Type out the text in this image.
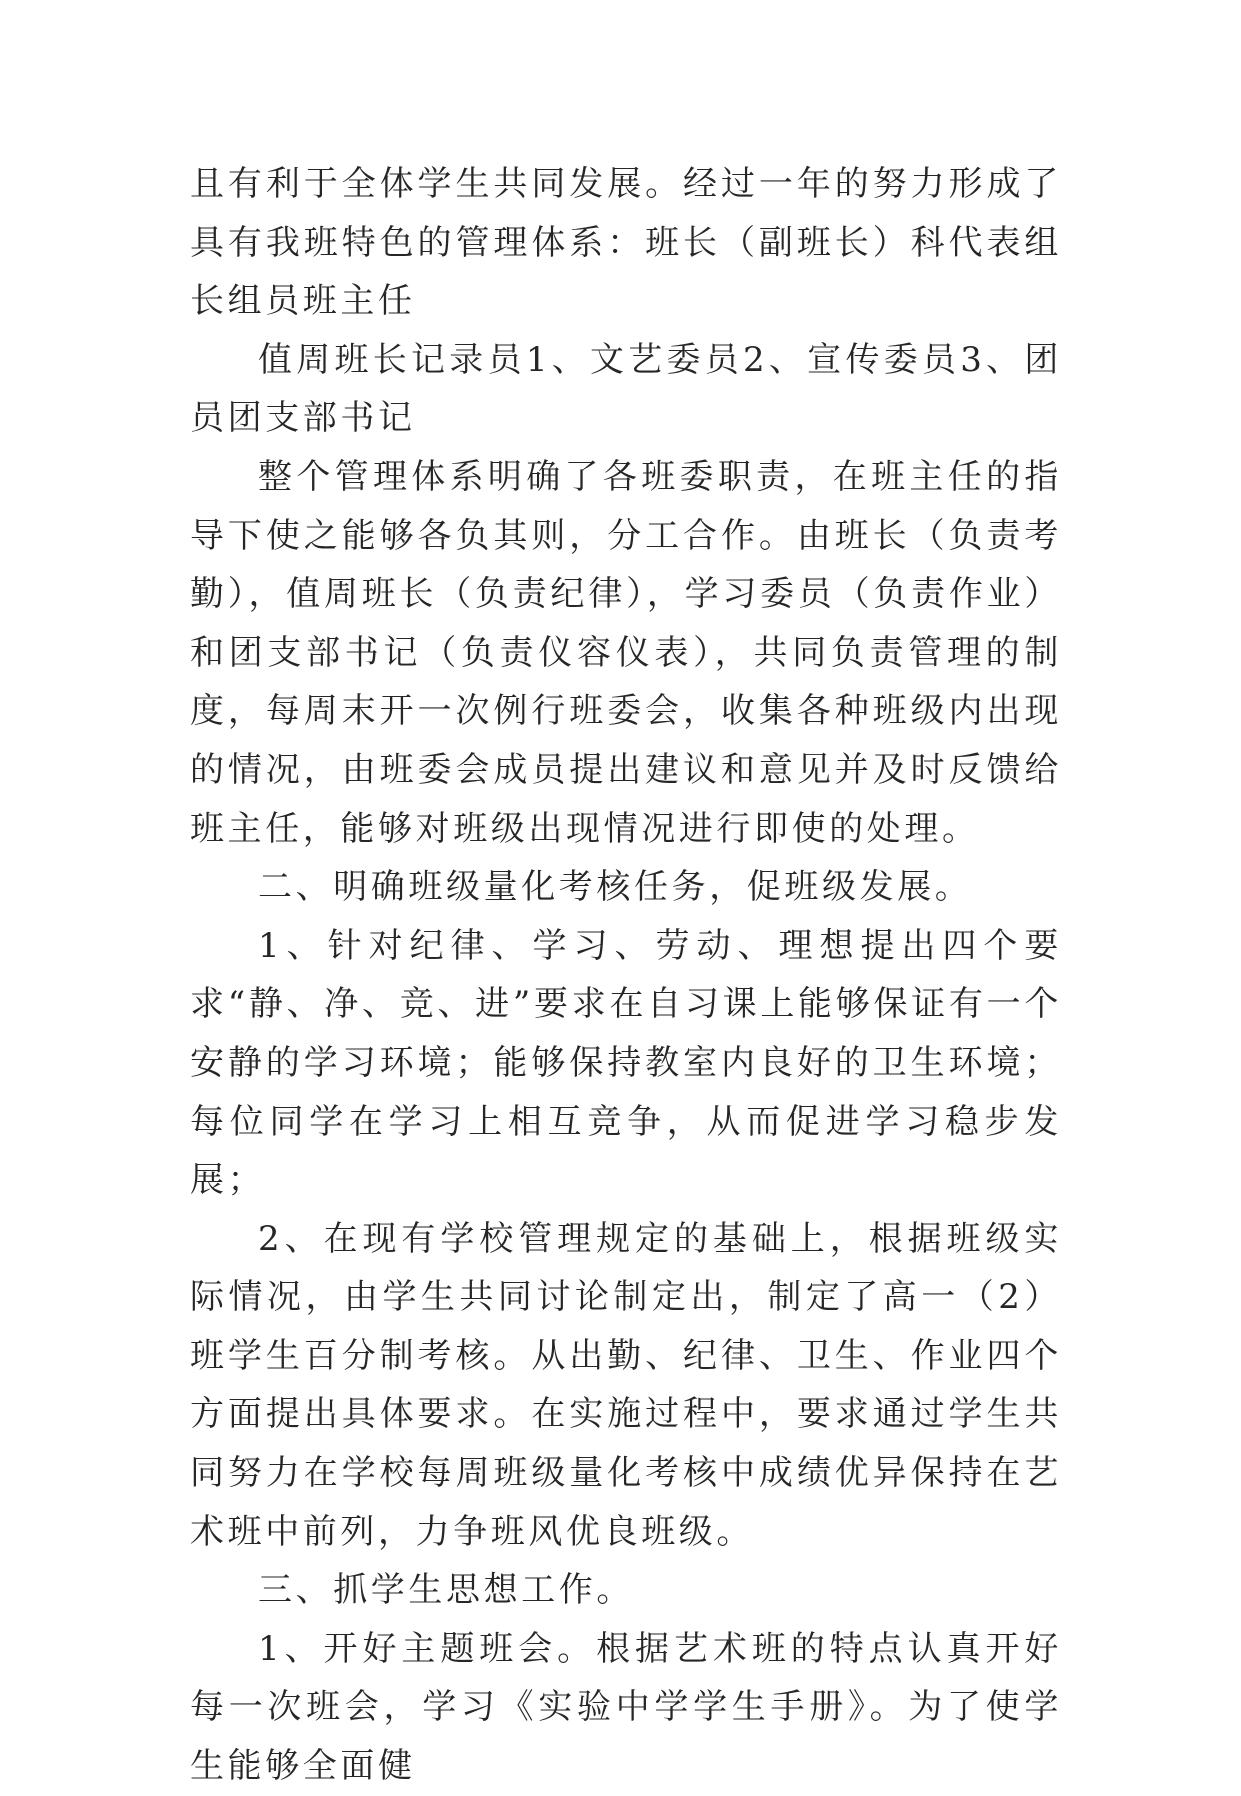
且有利于全体学生共同发展。经过一年的努力形成了具有我班特色的管理体系：班长（副班长）科代表组长组员班主任

值周班长记录员1、文艺委员2、宣传委员3、团员团支部书记

整个管理体系明确了各班委职责，在班主任的指导下使之能够各负其则，分工合作。由班长（负责考勤），值周班长（负责纪律），学习委员（负责作业）和团支部书记（负责仪容仪表），共同负责管理的制度，每周末开一次例行班委会，收集各种班级内出现的情况，由班委会成员提出建议和意见并及时反馈给班主任，能够对班级出现情况进行即使的处理。

二、明确班级量化考核任务，促班级发展。

1、针对纪律、学习、劳动、理想提出四个要求“静、净、竞、进”要求在自习课上能够保证有一个安静的学习环境；能够保持教室内良好的卫生环境；每位同学在学习上相互竞争，从而促进学习稳步发展；

2、在现有学校管理规定的基础上，根据班级实际情况，由学生共同讨论制定出，制定了高一（2）班学生百分制考核。从出勤、纪律、卫生、作业四个方面提出具体要求。在实施过程中，要求通过学生共同努力在学校每周班级量化考核中成绩优异保持在艺术班中前列，力争班风优良班级。

三、抓学生思想工作。

1、开好主题班会。根据艺术班的特点认真开好每一次班会，学习《实验中学学生手册》。为了使学生能够全面健
